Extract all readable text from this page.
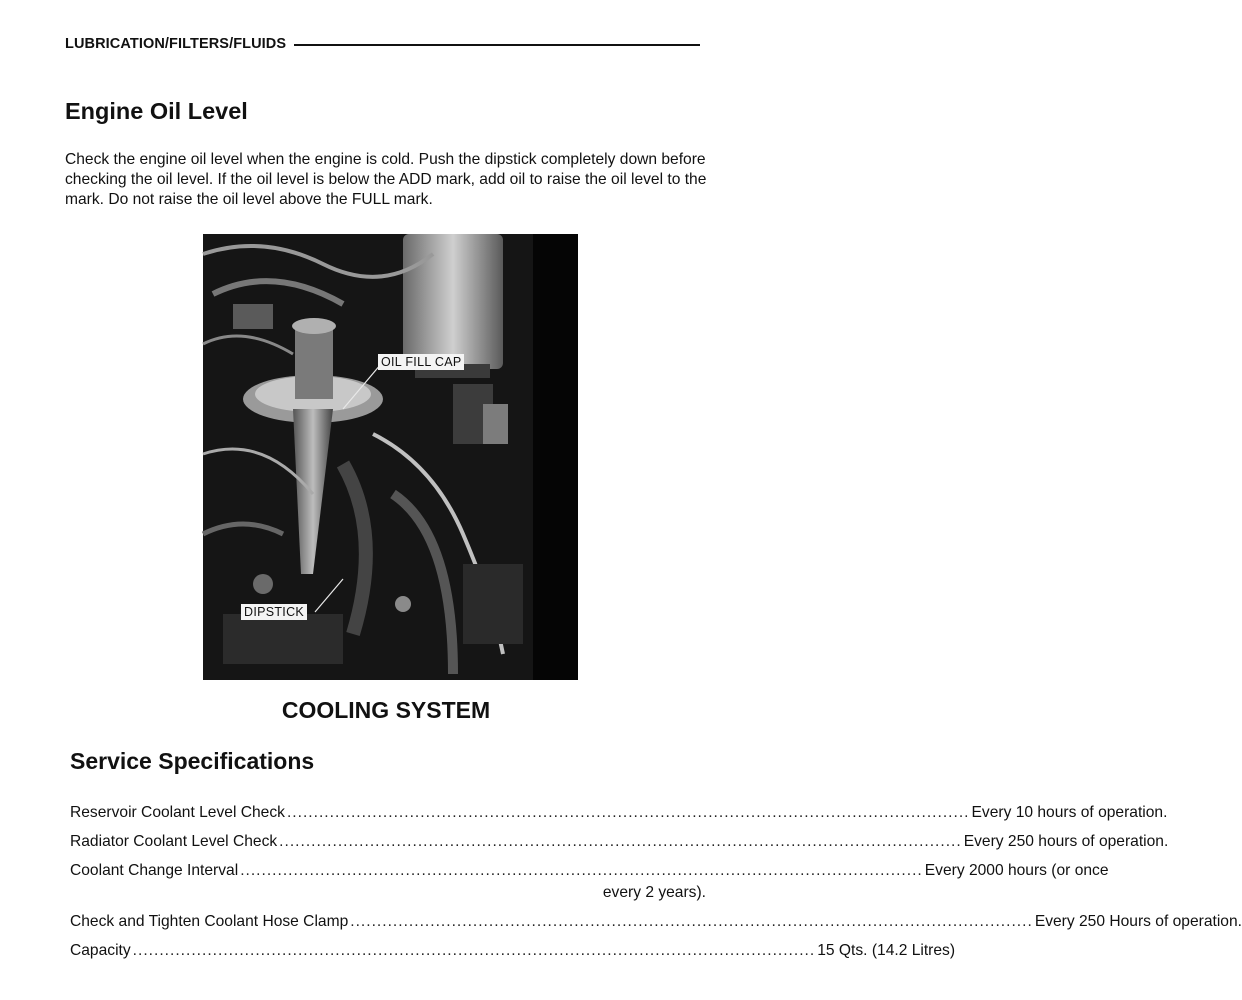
LUBRICATION/FILTERS/FLUIDS
Engine Oil Level

Check the engine oil level when the engine is cold. Push the dipstick completely down before checking the oil level. If the oil level is below the ADD mark, add oil to raise the oil level to the mark. Do not raise the oil level above the FULL mark.

OIL FILL CAP
DIPSTICK
COOLING SYSTEM
Service Specifications
Reservoir Coolant Level Check ................................................................................................................................ Every 10 hours of operation.
Radiator Coolant Level Check ................................................................................................................................ Every 250 hours of operation.
Coolant Change Interval ................................................................................................................................ Every 2000 hours (or once
every 2 years).
Check and Tighten Coolant Hose Clamp ................................................................................................................................ Every 250 Hours of operation.
Capacity ................................................................................................................................ 15 Qts. (14.2 Litres)
